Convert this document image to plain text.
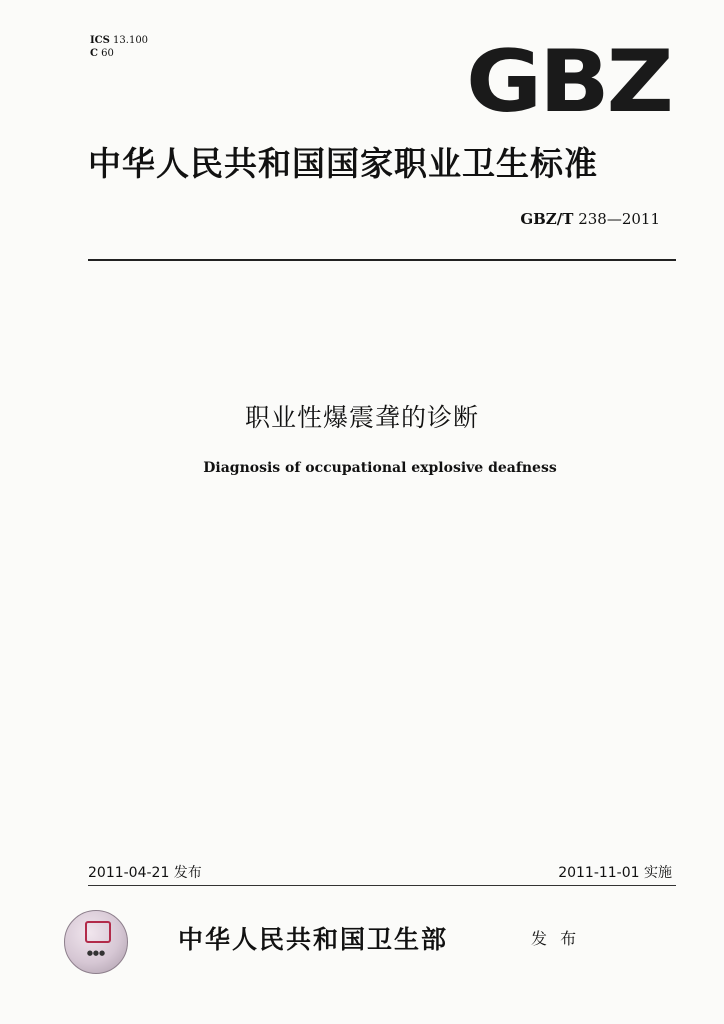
ICS 13.100
C 60	GBZ
中华人民共和国国家职业卫生标准
GBZ/T 238—2011
职业性爆震聋的诊断
Diagnosis of occupational explosive deafness
2011-04-21 发布	2011-11-01 实施
●●●	中华人民共和国卫生部	发 布
